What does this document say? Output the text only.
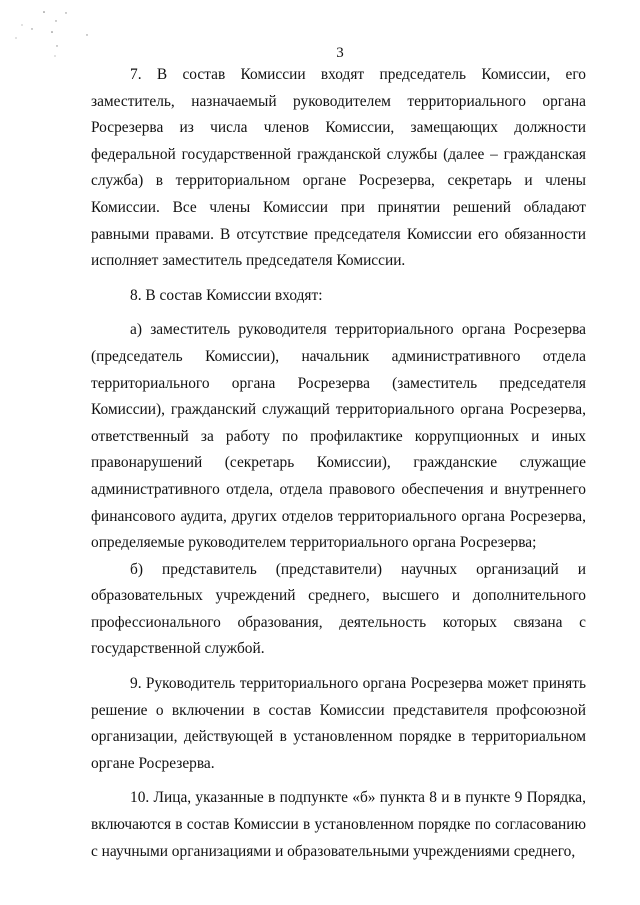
3

7. В состав Комиссии входят председатель Комиссии, его заместитель, назначаемый руководителем территориального органа Росрезерва из числа членов Комиссии, замещающих должности федеральной государственной гражданской службы (далее – гражданская служба) в территориальном органе Росрезерва, секретарь и члены Комиссии. Все члены Комиссии при принятии решений обладают равными правами. В отсутствие председателя Комиссии его обязанности исполняет заместитель председателя Комиссии.

8. В состав Комиссии входят:

а) заместитель руководителя территориального органа Росрезерва (председатель Комиссии), начальник административного отдела территориального органа Росрезерва (заместитель председателя Комиссии), гражданский служащий территориального органа Росрезерва, ответственный за работу по профилактике коррупционных и иных правонарушений (секретарь Комиссии), гражданские служащие административного отдела, отдела правового обеспечения и внутреннего финансового аудита, других отделов территориального органа Росрезерва, определяемые руководителем территориального органа Росрезерва;

б) представитель (представители) научных организаций и образовательных учреждений среднего, высшего и дополнительного профессионального образования, деятельность которых связана с государственной службой.

9. Руководитель территориального органа Росрезерва может принять решение о включении в состав Комиссии представителя профсоюзной организации, действующей в установленном порядке в территориальном органе Росрезерва.

10. Лица, указанные в подпункте «б» пункта 8 и в пункте 9 Порядка, включаются в состав Комиссии в установленном порядке по согласованию с научными организациями и образовательными учреждениями среднего,
